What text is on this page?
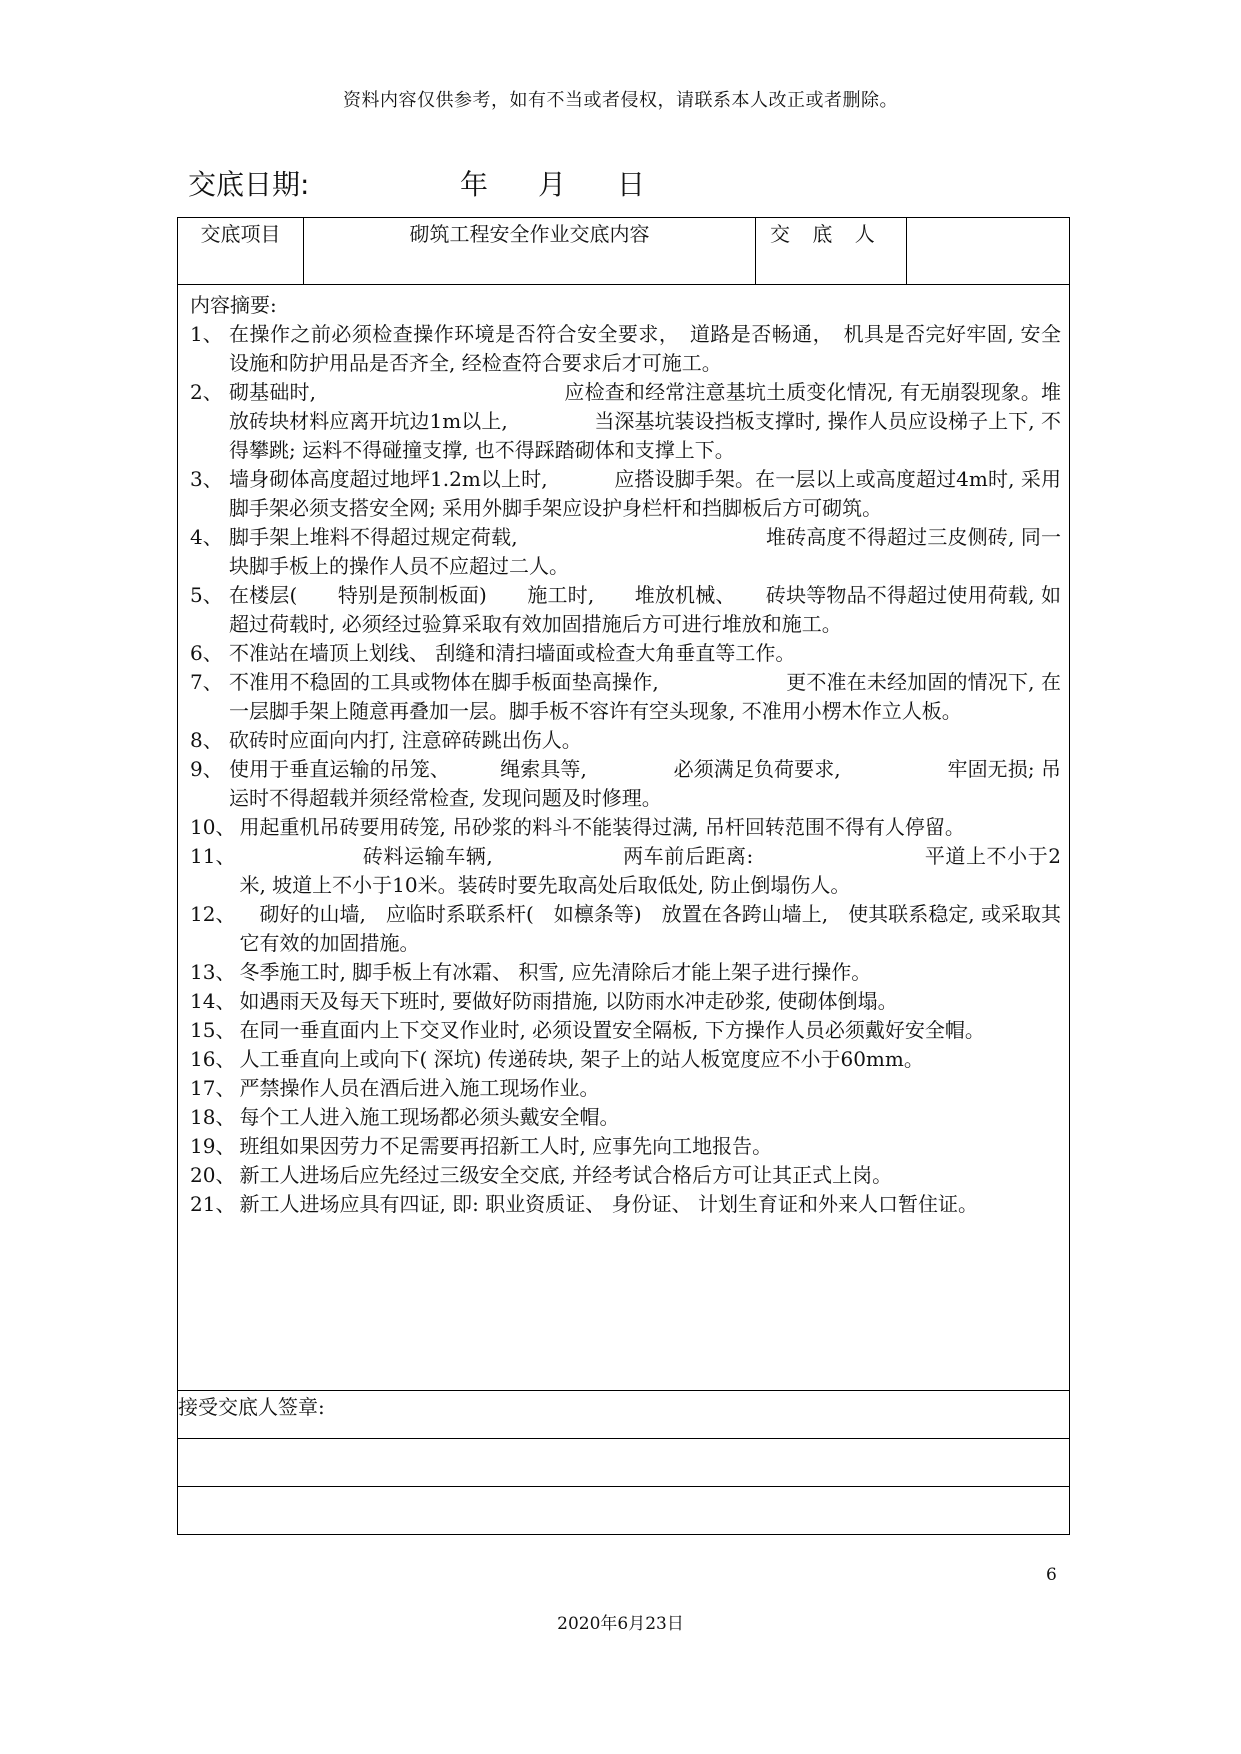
资料内容仅供参考，如有不当或者侵权，请联系本人改正或者删除。
交底日期:	年 月 日
交底项目	砌筑工程安全作业交底内容	交 底 人	

内容摘要:
1、 在操作之前必须检查操作环境是否符合安全要求，　道路是否畅通，　机具是否完好牢固, 安全设施和防护用品是否齐全, 经检查符合要求后才可施工。
2、 砌基础时, 　　　　　　　　　　　　应检查和经常注意基坑土质变化情况, 有无崩裂现象。堆放砖块材料应离开坑边1m以上, 　　　　当深基坑装设挡板支撑时, 操作人员应设梯子上下, 不得攀跳; 运料不得碰撞支撑, 也不得踩踏砌体和支撑上下。
3、 墙身砌体高度超过地坪1.2m以上时, 　　　应搭设脚手架。在一层以上或高度超过4m时, 采用脚手架必须支搭安全网; 采用外脚手架应设护身栏杆和挡脚板后方可砌筑。
4、 脚手架上堆料不得超过规定荷载, 　　　　　　　　　　　　堆砖高度不得超过三皮侧砖, 同一块脚手板上的操作人员不应超过二人。
5、 在楼层(　　特别是预制板面)　　施工时,　　堆放机械、　　砖块等物品不得超过使用荷载, 如超过荷载时, 必须经过验算采取有效加固措施后方可进行堆放和施工。
6、 不准站在墙顶上划线、 刮缝和清扫墙面或检查大角垂直等工作。
7、 不准用不稳固的工具或物体在脚手板面垫高操作, 　　　　　　更不准在未经加固的情况下, 在一层脚手架上随意再叠加一层。脚手板不容许有空头现象, 不准用小楞木作立人板。
8、 砍砖时应面向内打, 注意碎砖跳出伤人。
9、 使用于垂直运输的吊笼、　　　绳索具等, 　　　　必须满足负荷要求, 　　　　　牢固无损; 吊运时不得超载并须经常检查, 发现问题及时修理。
10、 用起重机吊砖要用砖笼, 吊砂浆的料斗不能装得过满, 吊杆回转范围不得有人停留。
11、 　　　　　　砖料运输车辆, 　　　　　　两车前后距离: 　　　　　　　　平道上不小于2米, 坡道上不小于10米。装砖时要先取高处后取低处, 防止倒塌伤人。
12、 　砌好的山墙,　应临时系联系杆(　如檩条等)　放置在各跨山墙上,　使其联系稳定, 或采取其它有效的加固措施。
13、 冬季施工时, 脚手板上有冰霜、 积雪, 应先清除后才能上架子进行操作。
14、 如遇雨天及每天下班时, 要做好防雨措施, 以防雨水冲走砂浆, 使砌体倒塌。
15、 在同一垂直面内上下交叉作业时, 必须设置安全隔板, 下方操作人员必须戴好安全帽。
16、 人工垂直向上或向下( 深坑) 传递砖块, 架子上的站人板宽度应不小于60mm。
17、 严禁操作人员在酒后进入施工现场作业。
18、 每个工人进入施工现场都必须头戴安全帽。
19、 班组如果因劳力不足需要再招新工人时, 应事先向工地报告。
20、 新工人进场后应先经过三级安全交底, 并经考试合格后方可让其正式上岗。
21、 新工人进场应具有四证, 即: 职业资质证、 身份证、 计划生育证和外来人口暂住证。

接受交底人签章:

6
2020年6月23日
